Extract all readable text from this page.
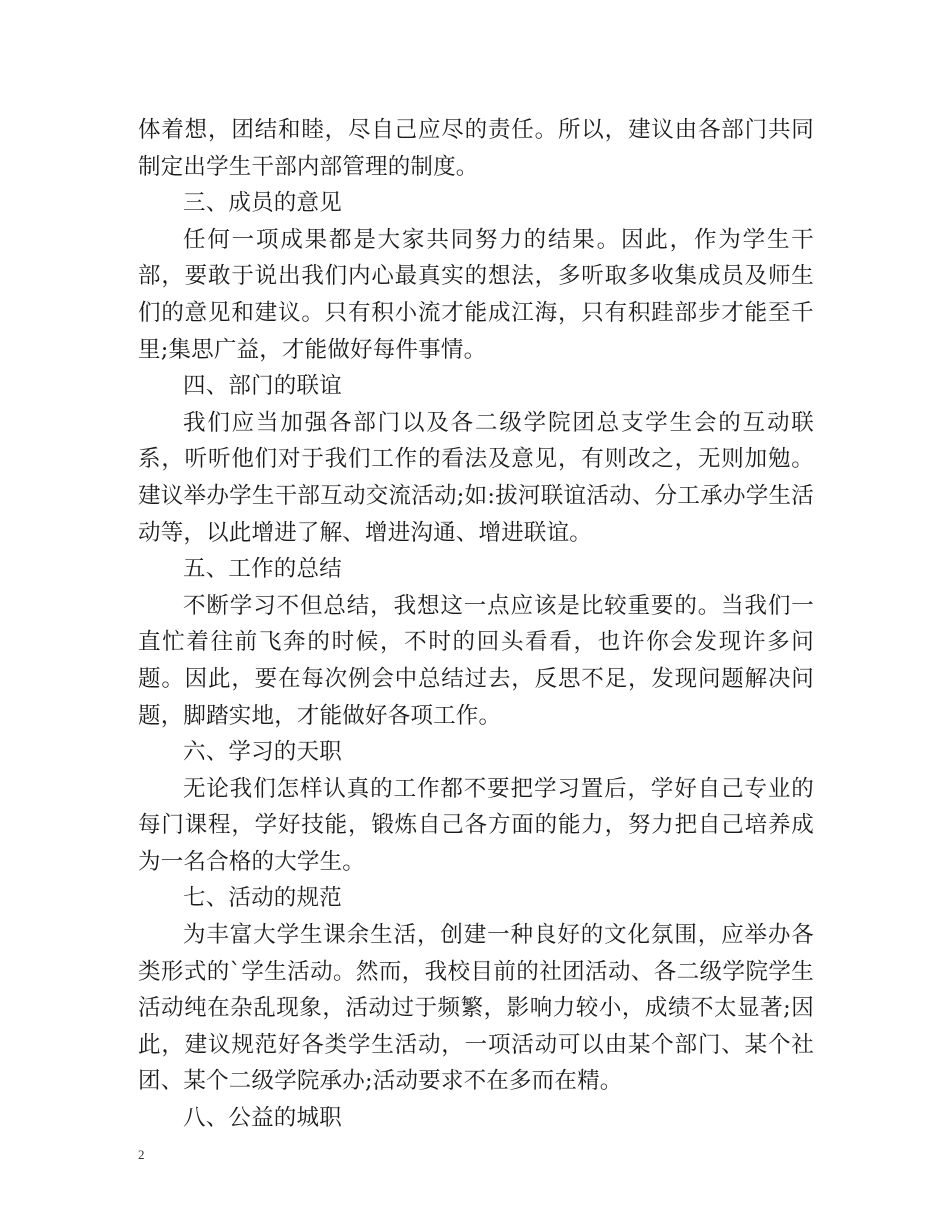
体着想，团结和睦，尽自己应尽的责任。所以，建议由各部门共同制定出学生干部内部管理的制度。

三、成员的意见

任何一项成果都是大家共同努力的结果。因此，作为学生干部，要敢于说出我们内心最真实的想法，多听取多收集成员及师生们的意见和建议。只有积小流才能成江海，只有积跬部步才能至千里;集思广益，才能做好每件事情。

四、部门的联谊

我们应当加强各部门以及各二级学院团总支学生会的互动联系，听听他们对于我们工作的看法及意见，有则改之，无则加勉。建议举办学生干部互动交流活动;如:拔河联谊活动、分工承办学生活动等，以此增进了解、增进沟通、增进联谊。

五、工作的总结

不断学习不但总结，我想这一点应该是比较重要的。当我们一直忙着往前飞奔的时候，不时的回头看看，也许你会发现许多问题。因此，要在每次例会中总结过去，反思不足，发现问题解决问题，脚踏实地，才能做好各项工作。

六、学习的天职

无论我们怎样认真的工作都不要把学习置后，学好自己专业的每门课程，学好技能，锻炼自己各方面的能力，努力把自己培养成为一名合格的大学生。

七、活动的规范

为丰富大学生课余生活，创建一种良好的文化氛围，应举办各类形式的`学生活动。然而，我校目前的社团活动、各二级学院学生活动纯在杂乱现象，活动过于频繁，影响力较小，成绩不太显著;因此，建议规范好各类学生活动，一项活动可以由某个部门、某个社团、某个二级学院承办;活动要求不在多而在精。

八、公益的城职

2
